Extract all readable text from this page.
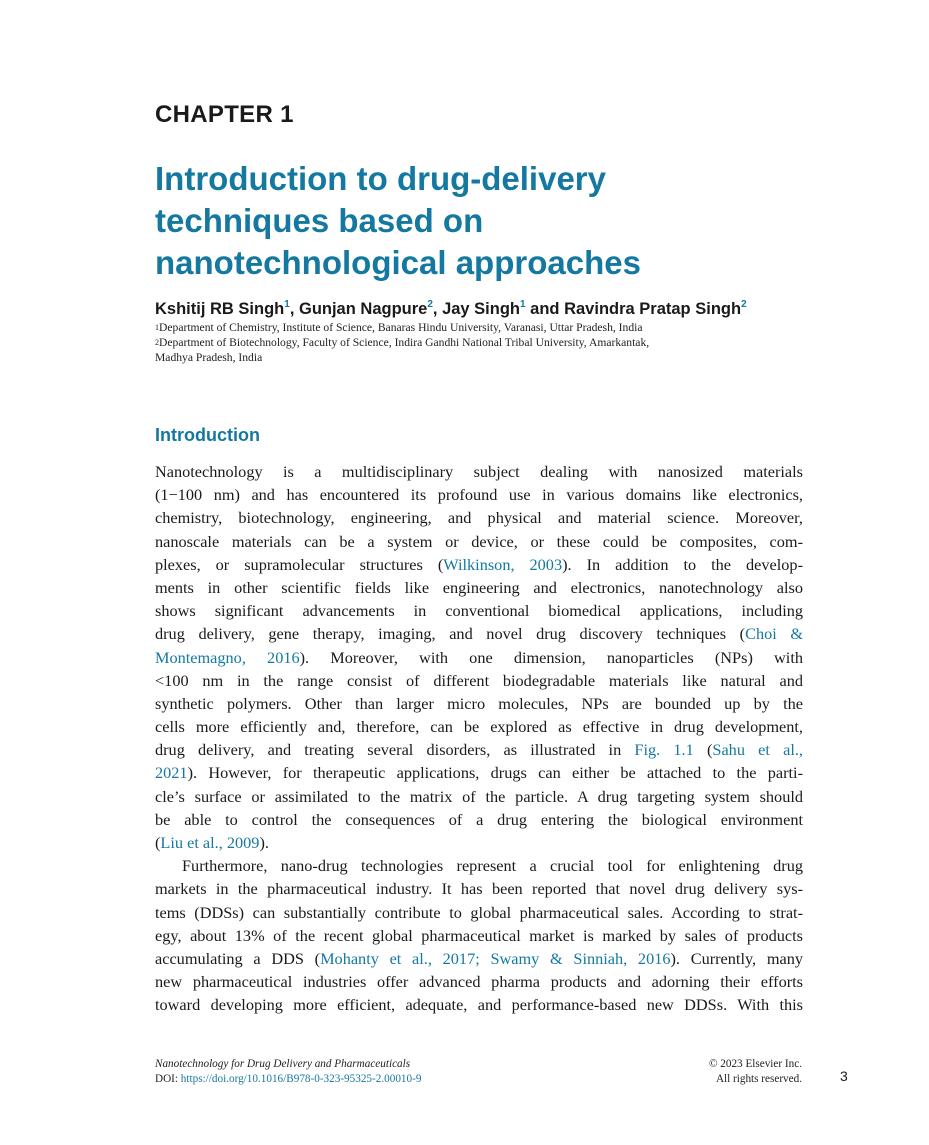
CHAPTER 1
Introduction to drug-delivery
techniques based on
nanotechnological approaches
Kshitij RB Singh$^1$, Gunjan Nagpure$^2$, Jay Singh$^1$ and Ravindra Pratap Singh$^2$
$^1$Department of Chemistry, Institute of Science, Banaras Hindu University, Varanasi, Uttar Pradesh, India
$^2$Department of Biotechnology, Faculty of Science, Indira Gandhi National Tribal University, Amarkantak,
Madhya Pradesh, India
Introduction
Nanotechnology is a multidisciplinary subject dealing with nanosized materials
(1−100 nm) and has encountered its profound use in various domains like electronics,
chemistry, biotechnology, engineering, and physical and material science. Moreover,
nanoscale materials can be a system or device, or these could be composites, com-
plexes, or supramolecular structures (Wilkinson, 2003). In addition to the develop-
ments in other scientific fields like engineering and electronics, nanotechnology also
shows significant advancements in conventional biomedical applications, including
drug delivery, gene therapy, imaging, and novel drug discovery techniques (Choi &
Montemagno, 2016). Moreover, with one dimension, nanoparticles (NPs) with
<100 nm in the range consist of different biodegradable materials like natural and
synthetic polymers. Other than larger micro molecules, NPs are bounded up by the
cells more efficiently and, therefore, can be explored as effective in drug development,
drug delivery, and treating several disorders, as illustrated in Fig. 1.1 (Sahu et al.,
2021). However, for therapeutic applications, drugs can either be attached to the parti-
cle’s surface or assimilated to the matrix of the particle. A drug targeting system should
be able to control the consequences of a drug entering the biological environment
(Liu et al., 2009).
Furthermore, nano-drug technologies represent a crucial tool for enlightening drug
markets in the pharmaceutical industry. It has been reported that novel drug delivery sys-
tems (DDSs) can substantially contribute to global pharmaceutical sales. According to strat-
egy, about 13% of the recent global pharmaceutical market is marked by sales of products
accumulating a DDS (Mohanty et al., 2017; Swamy & Sinniah, 2016). Currently, many
new pharmaceutical industries offer advanced pharma products and adorning their efforts
toward developing more efficient, adequate, and performance-based new DDSs. With this
Nanotechnology for Drug Delivery and Pharmaceuticals
DOI: https://doi.org/10.1016/B978-0-323-95325-2.00010-9
© 2023 Elsevier Inc.
All rights reserved.	3
